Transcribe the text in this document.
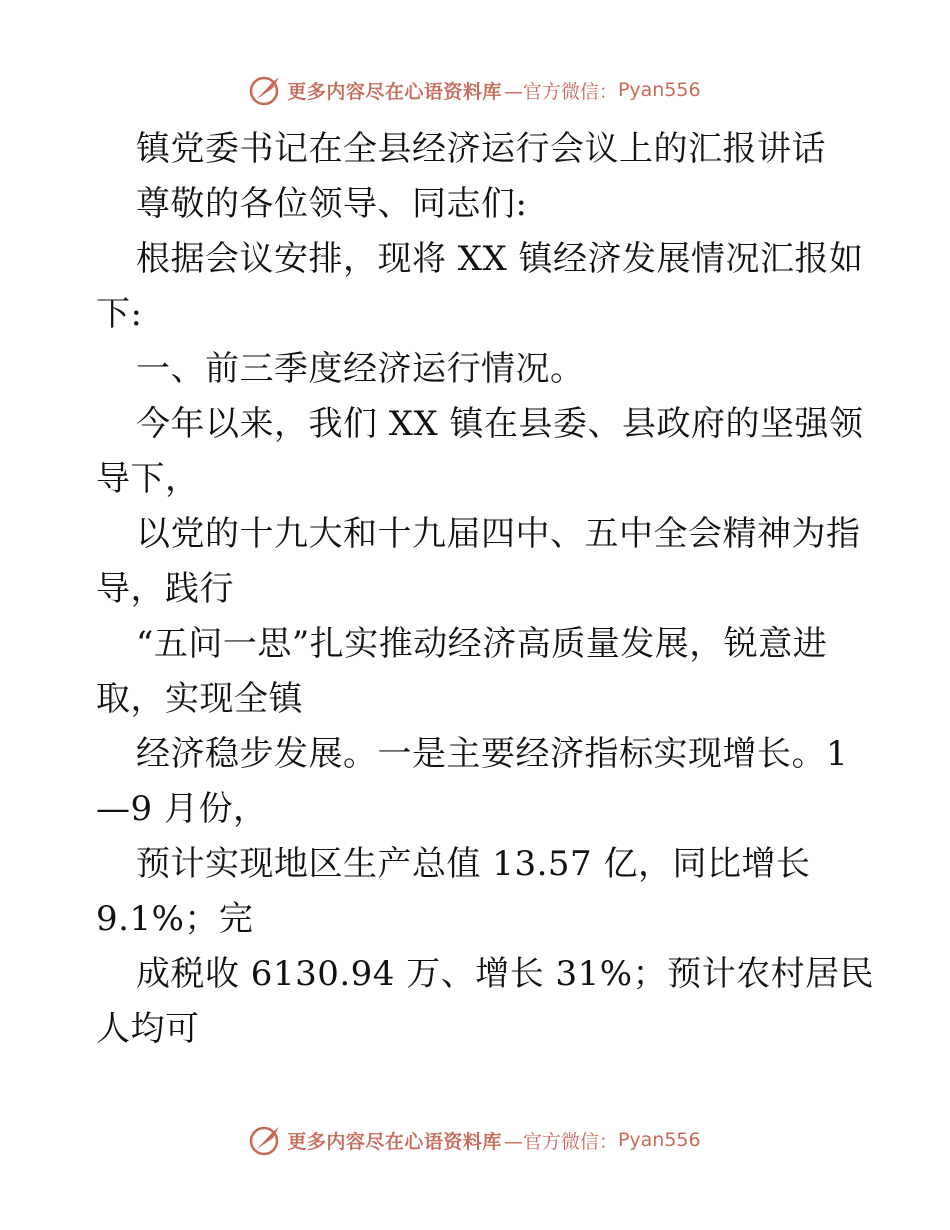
更多内容尽在心语资料库 —官方微信： Pyan556
镇党委书记在全县经济运行会议上的汇报讲话
尊敬的各位领导、同志们:
根据会议安排，现将 XX 镇经济发展情况汇报如
下:
一、前三季度经济运行情况。
今年以来，我们 XX 镇在县委、县政府的坚强领
导下，
以党的十九大和十九届四中、五中全会精神为指
导，践行
“五问一思”扎实推动经济高质量发展，锐意进
取，实现全镇
经济稳步发展。一是主要经济指标实现增长。1
—9 月份，
预计实现地区生产总值 13.57 亿，同比增长
9.1%；完
成税收 6130.94 万、增长 31%；预计农村居民
人均可
更多内容尽在心语资料库 —官方微信： Pyan556
